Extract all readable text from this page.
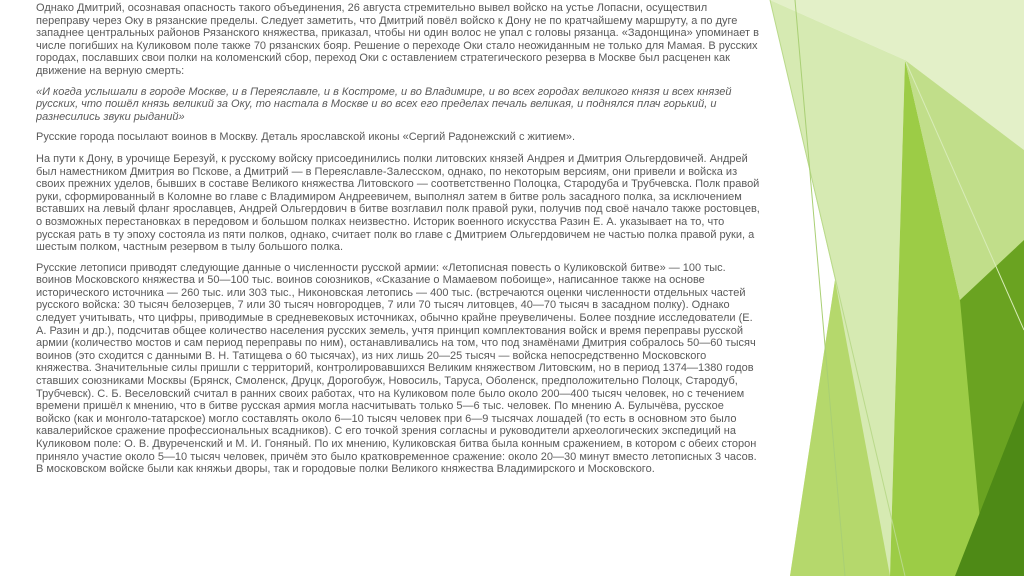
Однако Дмитрий, осознавая опасность такого объединения, 26 августа стремительно вывел войско на устье Лопасни, осуществил переправу через Оку в рязанские пределы. Следует заметить, что Дмитрий повёл войско к Дону не по кратчайшему маршруту, а по дуге западнее центральных районов Рязанского княжества, приказал, чтобы ни один волос не упал с головы рязанца. «Задонщина» упоминает в числе погибших на Куликовом поле также 70 рязанских бояр. Решение о переходе Оки стало неожиданным не только для Мамая. В русских городах, пославших свои полки на коломенский сбор, переход Оки с оставлением стратегического резерва в Москве был расценен как движение на верную смерть:

«И когда услышали в городе Москве, и в Переяславле, и в Костроме, и во Владимире, и во всех городах великого князя и всех князей русских, что пошёл князь великий за Оку, то настала в Москве и во всех его пределах печаль великая, и поднялся плач горький, и разнесились звуки рыданий»

Русские города посылают воинов в Москву. Деталь ярославской иконы «Сергий Радонежский с житием».

На пути к Дону, в урочище Березуй, к русскому войску присоединились полки литовских князей Андрея и Дмитрия Ольгердовичей. Андрей был наместником Дмитрия во Пскове, а Дмитрий — в Переяславле-Залесском, однако, по некоторым версиям, они привели и войска из своих прежних уделов, бывших в составе Великого княжества Литовского — соответственно Полоцка, Стародуба и Трубчевска. Полк правой руки, сформированный в Коломне во главе с Владимиром Андреевичем, выполнял затем в битве роль засадного полка, за исключением вставших на левый фланг ярославцев, Андрей Ольгердович в битве возглавил полк правой руки, получив под своё начало также ростовцев, о возможных перестановках в передовом и большом полках неизвестно. Историк военного искусства Разин Е. А. указывает на то, что русская рать в ту эпоху состояла из пяти полков, однако, считает полк во главе с Дмитрием Ольгердовичем не частью полка правой руки, а шестым полком, частным резервом в тылу большого полка.

Русские летописи приводят следующие данные о численности русской армии: «Летописная повесть о Куликовской битве» — 100 тыс. воинов Московского княжества и 50—100 тыс. воинов союзников, «Сказание о Мамаевом побоище», написанное также на основе исторического источника — 260 тыс. или 303 тыс., Никоновская летопись — 400 тыс. (встречаются оценки численности отдельных частей русского войска: 30 тысяч белозерцев, 7 или 30 тысяч новгородцев, 7 или 70 тысяч литовцев, 40—70 тысяч в засадном полку). Однако следует учитывать, что цифры, приводимые в средневековых источниках, обычно крайне преувеличены. Более поздние исследователи (Е. А. Разин и др.), подсчитав общее количество населения русских земель, учтя принцип комплектования войск и время переправы русской армии (количество мостов и сам период переправы по ним), останавливались на том, что под знамёнами Дмитрия собралось 50—60 тысяч воинов (это сходится с данными В. Н. Татищева о 60 тысячах), из них лишь 20—25 тысяч — войска непосредственно Московского княжества. Значительные силы пришли с территорий, контролировавшихся Великим княжеством Литовским, но в период 1374—1380 годов ставших союзниками Москвы (Брянск, Смоленск, Друцк, Дорогобуж, Новосиль, Таруса, Оболенск, предположительно Полоцк, Стародуб, Трубчевск). С. Б. Веселовский считал в ранних своих работах, что на Куликовом поле было около 200—400 тысяч человек, но с течением времени пришёл к мнению, что в битве русская армия могла насчитывать только 5—6 тыс. человек. По мнению А. Булычёва, русское войско (как и монголо-татарское) могло составлять около 6—10 тысяч человек при 6—9 тысячах лошадей (то есть в основном это было кавалерийское сражение профессиональных всадников). С его точкой зрения согласны и руководители археологических экспедиций на Куликовом поле: О. В. Двуреченский и М. И. Гоняный. По их мнению, Куликовская битва была конным сражением, в котором с обеих сторон приняло участие около 5—10 тысяч человек, причём это было кратковременное сражение: около 20—30 минут вместо летописных 3 часов. В московском войске были как княжьи дворы, так и городовые полки Великого княжества Владимирского и Московского.
